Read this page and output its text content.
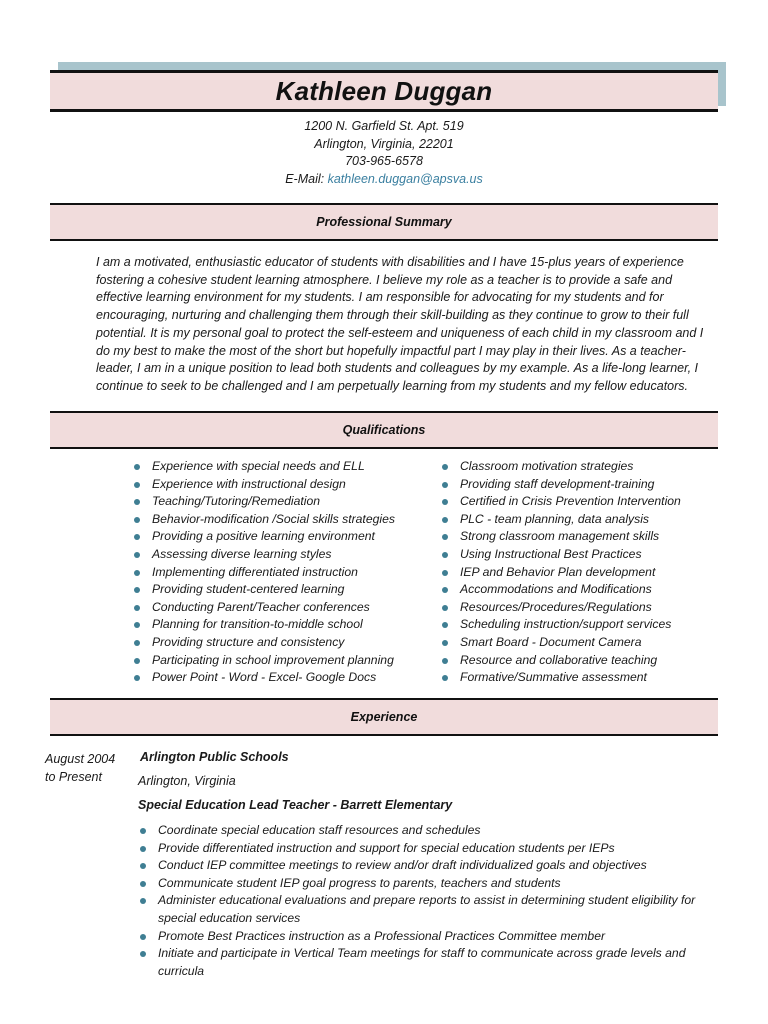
Kathleen Duggan
1200 N. Garfield St. Apt. 519
Arlington, Virginia, 22201
703-965-6578
E-Mail: kathleen.duggan@apsva.us
Professional Summary
I am a motivated, enthusiastic educator of students with disabilities and I have 15-plus years of experience fostering a cohesive student learning atmosphere. I believe my role as a teacher is to provide a safe and effective learning environment for my students. I am responsible for advocating for my students and for encouraging, nurturing and challenging them through their skill-building as they continue to grow to their full potential. It is my personal goal to protect the self-esteem and uniqueness of each child in my classroom and I do my best to make the most of the short but hopefully impactful part I may play in their lives. As a teacher-leader, I am in a unique position to lead both students and colleagues by my example. As a life-long learner, I continue to seek to be challenged and I am perpetually learning from my students and my fellow educators.
Qualifications
Experience with special needs and ELL
Experience with instructional design
Teaching/Tutoring/Remediation
Behavior-modification /Social skills strategies
Providing a positive learning environment
Assessing diverse learning styles
Implementing differentiated instruction
Providing student-centered learning
Conducting Parent/Teacher conferences
Planning for transition-to-middle school
Providing structure and consistency
Participating in school improvement planning
Power Point - Word - Excel- Google Docs
Classroom motivation strategies
Providing staff development-training
Certified in Crisis Prevention Intervention
PLC - team planning, data analysis
Strong classroom management skills
Using Instructional Best Practices
IEP and Behavior Plan development
Accommodations and Modifications
Resources/Procedures/Regulations
Scheduling instruction/support services
Smart Board - Document Camera
Resource and collaborative teaching
Formative/Summative assessment
Experience
August 2004
to Present
Arlington Public Schools
Arlington, Virginia
Special Education Lead Teacher - Barrett Elementary
Coordinate special education staff resources and schedules
Provide differentiated instruction and support for special education students per IEPs
Conduct IEP committee meetings to review and/or draft individualized goals and objectives
Communicate student IEP goal progress to parents, teachers and students
Administer educational evaluations and prepare reports to assist in determining student eligibility for special education services
Promote Best Practices instruction as a Professional Practices Committee member
Initiate and participate in Vertical Team meetings for staff to communicate across grade levels and curricula
